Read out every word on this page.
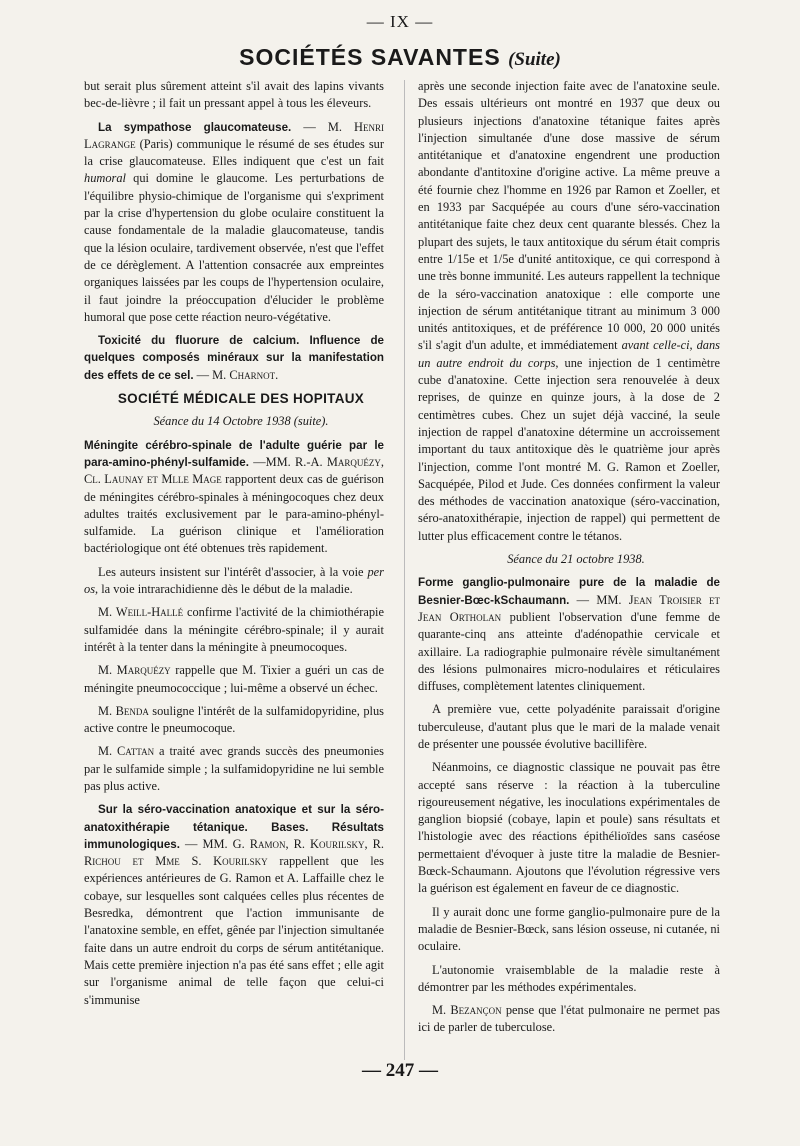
— IX —
SOCIÉTÉS SAVANTES (Suite)

but serait plus sûrement atteint s'il avait des lapins vivants bec-de-lièvre ; il fait un pressant appel à tous les éleveurs.

La sympathose glaucomateuse. — M. Henri Lagrange (Paris) communique le résumé de ses études sur la crise glaucomateuse. Elles indiquent que c'est un fait humoral qui domine le glaucome. Les perturbations de l'équilibre physio-chimique de l'organisme qui s'expriment par la crise d'hypertension du globe oculaire constituent la cause fondamentale de la maladie glaucomateuse, tandis que la lésion oculaire, tardivement observée, n'est que l'effet de ce dérèglement. A l'attention consacrée aux empreintes organiques laissées par les coups de l'hypertension oculaire, il faut joindre la préoccupation d'élucider le problème humoral que pose cette réaction neuro-végétative.

Toxicité du fluorure de calcium. Influence de quelques composés minéraux sur la manifestation des effets de ce sel. — M. Charnot.

SOCIÉTÉ MÉDICALE DES HOPITAUX

Séance du 14 Octobre 1938 (suite).

Méningite cérébro-spinale de l'adulte guérie par le para-amino-phényl-sulfamide. —MM. R.-A. Marquézy, Cl. Launay et Mlle Mage rapportent deux cas de guérison de méningites cérébro-spinales à méningocoques chez deux adultes traités exclusivement par le para-amino-phényl-sulfamide. La guérison clinique et l'amélioration bactériologique ont été obtenues très rapidement.

Les auteurs insistent sur l'intérêt d'associer, à la voie per os, la voie intrarachidienne dès le début de la maladie.

M. Weill-Hallé confirme l'activité de la chimiothérapie sulfamidée dans la méningite cérébro-spinale; il y aurait intérêt à la tenter dans la méningite à pneumocoques.

M. Marquézy rappelle que M. Tixier a guéri un cas de méningite pneumococcique ; lui-même a observé un échec.

M. Benda souligne l'intérêt de la sulfamidopyridine, plus active contre le pneumocoque.

M. Cattan a traité avec grands succès des pneumonies par le sulfamide simple ; la sulfamidopyridine ne lui semble pas plus active.

Sur la séro-vaccination anatoxique et sur la séro-anatoxithérapie tétanique. Bases. Résultats immunologiques. — MM. G. Ramon, R. Kourilsky, R. Richou et Mme S. Kourilsky rappellent que les expériences antérieures de G. Ramon et A. Laffaille chez le cobaye, sur lesquelles sont calquées celles plus récentes de Besredka, démontrent que l'action immunisante de l'anatoxine semble, en effet, gênée par l'injection simultanée faite dans un autre endroit du corps de sérum antitétanique. Mais cette première injection n'a pas été sans effet ; elle agit sur l'organisme animal de telle façon que celui-ci s'immunise

après une seconde injection faite avec de l'anatoxine seule. Des essais ultérieurs ont montré en 1937 que deux ou plusieurs injections d'anatoxine tétanique faites après l'injection simultanée d'une dose massive de sérum antitétanique et d'anatoxine engendrent une production abondante d'antitoxine d'origine active. La même preuve a été fournie chez l'homme en 1926 par Ramon et Zoeller, et en 1933 par Sacquépée au cours d'une séro-vaccination antitétanique faite chez deux cent quarante blessés. Chez la plupart des sujets, le taux antitoxique du sérum était compris entre 1/15e et 1/5e d'unité antitoxique, ce qui correspond à une très bonne immunité. Les auteurs rappellent la technique de la séro-vaccination anatoxique : elle comporte une injection de sérum antitétanique titrant au minimum 3 000 unités antitoxiques, et de préférence 10 000, 20 000 unités s'il s'agit d'un adulte, et immédiatement avant celle-ci, dans un autre endroit du corps, une injection de 1 centimètre cube d'anatoxine. Cette injection sera renouvelée à deux reprises, de quinze en quinze jours, à la dose de 2 centimètres cubes. Chez un sujet déjà vacciné, la seule injection de rappel d'anatoxine détermine un accroissement important du taux antitoxique dès le quatrième jour après l'injection, comme l'ont montré M. G. Ramon et Zoeller, Sacquépée, Pilod et Jude. Ces données confirment la valeur des méthodes de vaccination anatoxique (séro-vaccination, séro-anatoxithérapie, injection de rappel) qui permettent de lutter plus efficacement contre le tétanos.

Séance du 21 octobre 1938.

Forme ganglio-pulmonaire pure de la maladie de Besnier-Bœc-kSchaumann. — MM. Jean Troisier et Jean Ortholan publient l'observation d'une femme de quarante-cinq ans atteinte d'adénopathie cervicale et axillaire. La radiographie pulmonaire révèle simultanément des lésions pulmonaires micro-nodulaires et réticulaires diffuses, complètement latentes cliniquement.

A première vue, cette polyadénite paraissait d'origine tuberculeuse, d'autant plus que le mari de la malade venait de présenter une poussée évolutive bacillifère.

Néanmoins, ce diagnostic classique ne pouvait pas être accepté sans réserve : la réaction à la tuberculine rigoureusement négative, les inoculations expérimentales de ganglion biopsié (cobaye, lapin et poule) sans résultats et l'histologie avec des réactions épithélioïdes sans caséose permettaient d'évoquer à juste titre la maladie de Besnier-Bœck-Schaumann. Ajoutons que l'évolution régressive vers la guérison est également en faveur de ce diagnostic.

Il y aurait donc une forme ganglio-pulmonaire pure de la maladie de Besnier-Bœck, sans lésion osseuse, ni cutanée, ni oculaire.

L'autonomie vraisemblable de la maladie reste à démontrer par les méthodes expérimentales.

M. Bezançon pense que l'état pulmonaire ne permet pas ici de parler de tuberculose.

— 247 —
